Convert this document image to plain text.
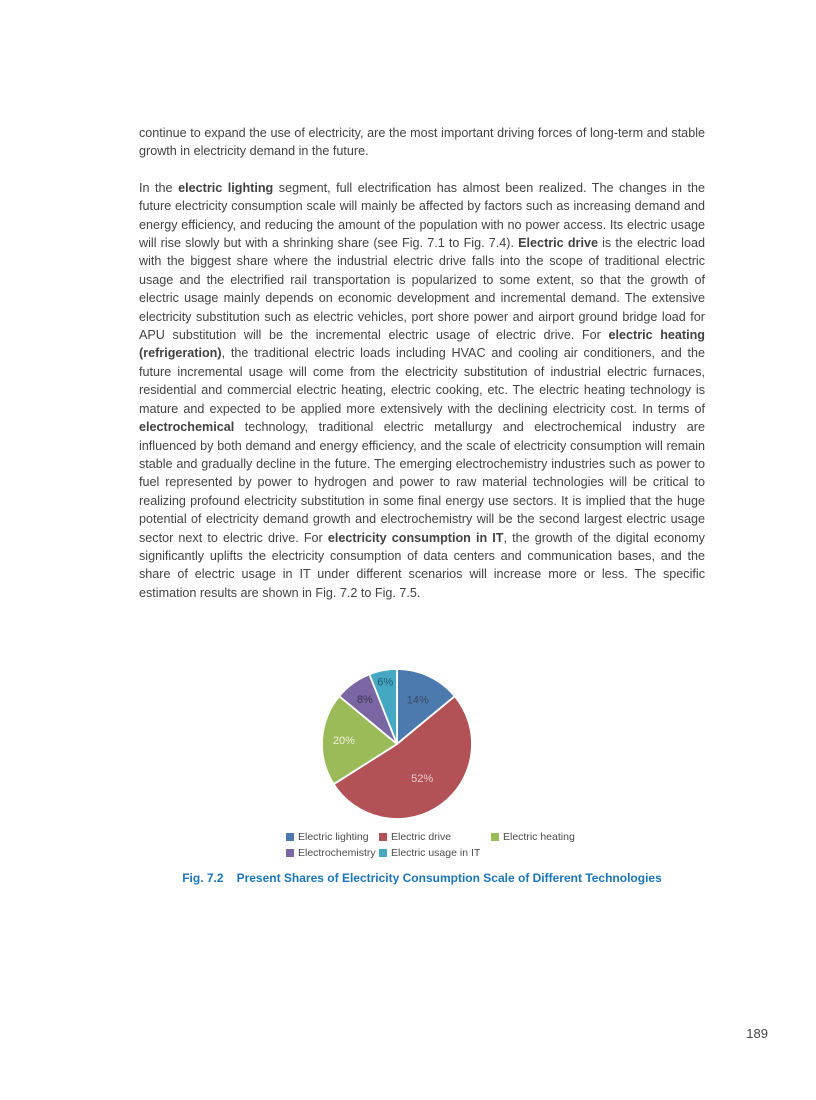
continue to expand the use of electricity, are the most important driving forces of long-term and stable growth in electricity demand in the future.

In the electric lighting segment, full electrification has almost been realized. The changes in the future electricity consumption scale will mainly be affected by factors such as increasing demand and energy efficiency, and reducing the amount of the population with no power access. Its electric usage will rise slowly but with a shrinking share (see Fig. 7.1 to Fig. 7.4). Electric drive is the electric load with the biggest share where the industrial electric drive falls into the scope of traditional electric usage and the electrified rail transportation is popularized to some extent, so that the growth of electric usage mainly depends on economic development and incremental demand. The extensive electricity substitution such as electric vehicles, port shore power and airport ground bridge load for APU substitution will be the incremental electric usage of electric drive. For electric heating (refrigeration), the traditional electric loads including HVAC and cooling air conditioners, and the future incremental usage will come from the electricity substitution of industrial electric furnaces, residential and commercial electric heating, electric cooking, etc. The electric heating technology is mature and expected to be applied more extensively with the declining electricity cost. In terms of electrochemical technology, traditional electric metallurgy and electrochemical industry are influenced by both demand and energy efficiency, and the scale of electricity consumption will remain stable and gradually decline in the future. The emerging electrochemistry industries such as power to fuel represented by power to hydrogen and power to raw material technologies will be critical to realizing profound electricity substitution in some final energy use sectors. It is implied that the huge potential of electricity demand growth and electrochemistry will be the second largest electric usage sector next to electric drive. For electricity consumption in IT, the growth of the digital economy significantly uplifts the electricity consumption of data centers and communication bases, and the share of electric usage in IT under different scenarios will increase more or less. The specific estimation results are shown in Fig. 7.2 to Fig. 7.5.

14%
52%
20%
8%
6%
Electric lighting Electric drive	Electric heating
Electrochemistry Electric usage in IT
Fig. 7.2 Present Shares of Electricity Consumption Scale of Different Technologies
189
